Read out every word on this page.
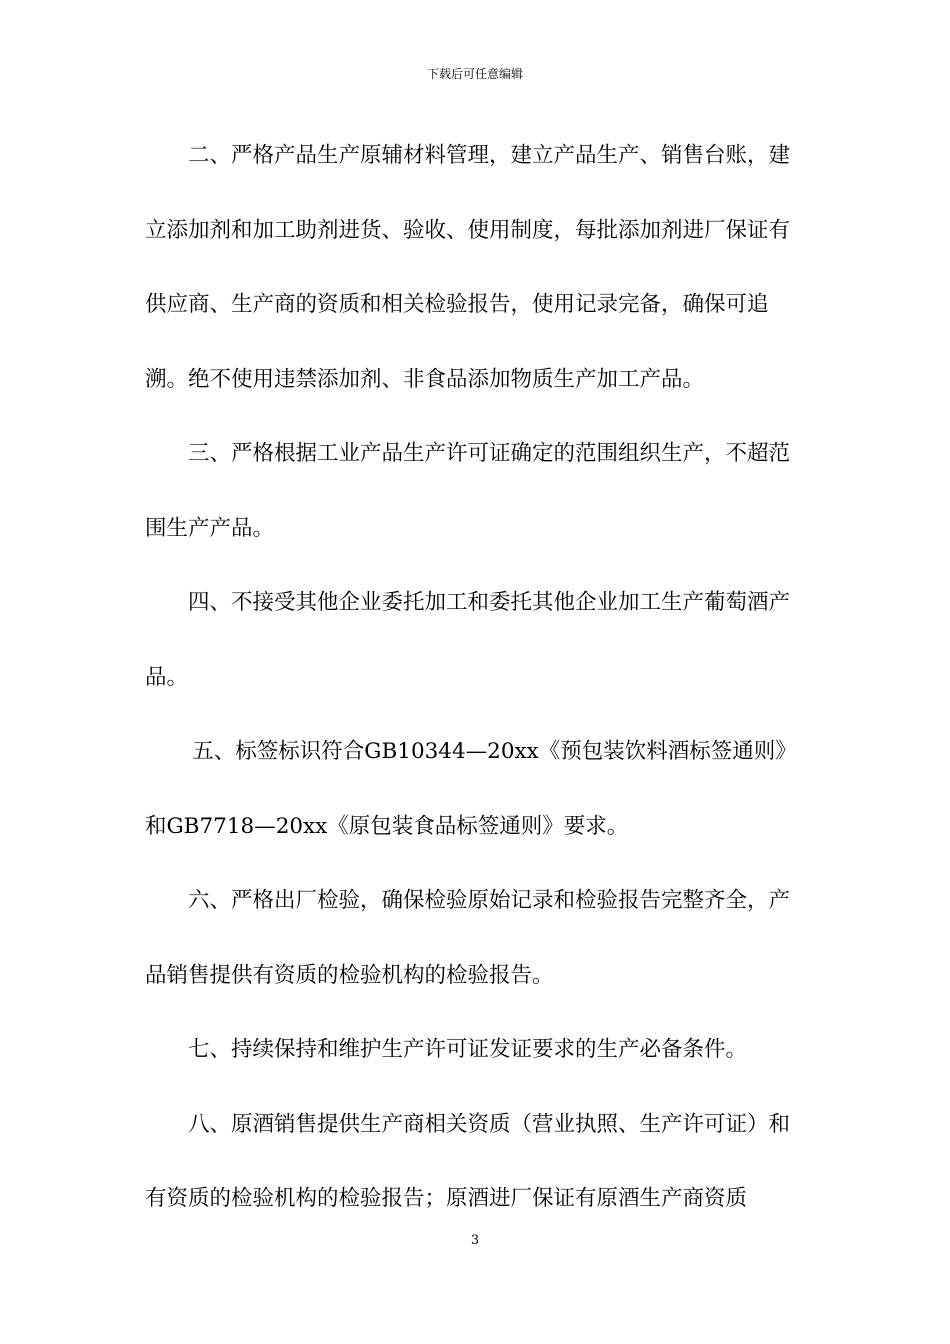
下载后可任意编辑

二、严格产品生产原辅材料管理，建立产品生产、销售台账，建立添加剂和加工助剂进货、验收、使用制度，每批添加剂进厂保证有供应商、生产商的资质和相关检验报告，使用记录完备，确保可追溯。绝不使用违禁添加剂、非食品添加物质生产加工产品。

三、严格根据工业产品生产许可证确定的范围组织生产，不超范围生产产品。

四、不接受其他企业委托加工和委托其他企业加工生产葡萄酒产品。

五、标签标识符合GB10344—20xx《预包装饮料酒标签通则》和GB7718—20xx《原包装食品标签通则》要求。

六、严格出厂检验，确保检验原始记录和检验报告完整齐全，产品销售提供有资质的检验机构的检验报告。

七、持续保持和维护生产许可证发证要求的生产必备条件。

八、原酒销售提供生产商相关资质（营业执照、生产许可证）和有资质的检验机构的检验报告；原酒进厂保证有原酒生产商资质

3
